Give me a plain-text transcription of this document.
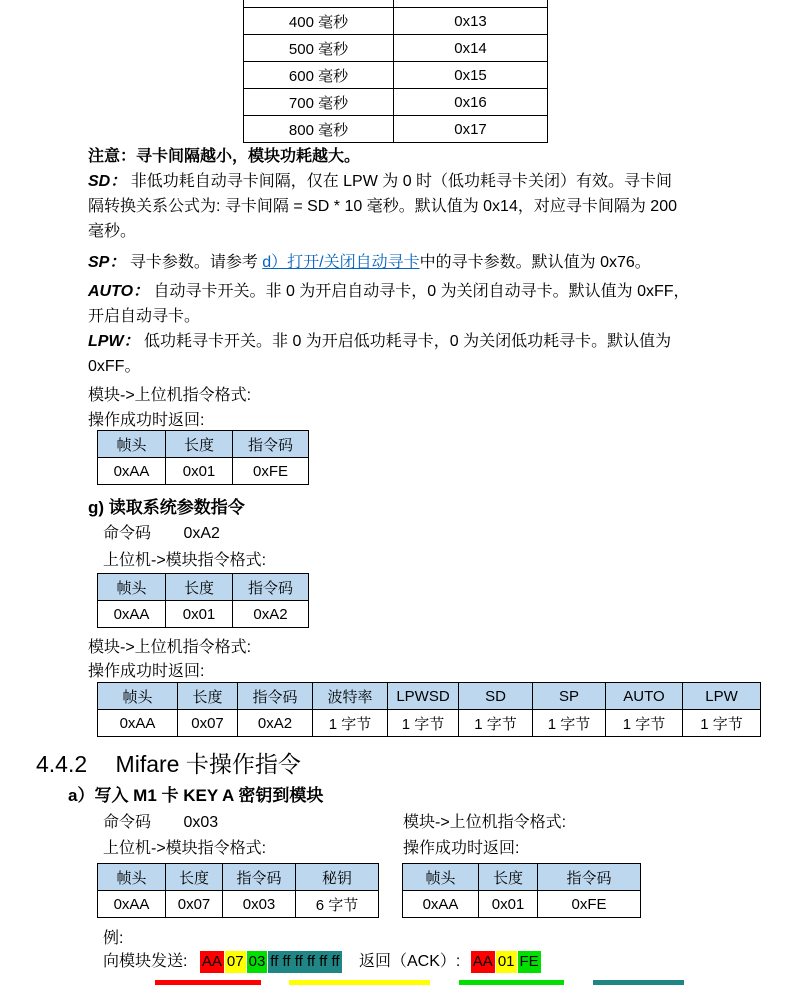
400 毫秒	0x13
500 毫秒	0x14
600 毫秒	0x15
700 毫秒	0x16
800 毫秒	0x17
注意：寻卡间隔越小，模块功耗越大。
SD： 非低功耗自动寻卡间隔，仅在 LPW 为 0 时（低功耗寻卡关闭）有效。寻卡间
隔转换关系公式为: 寻卡间隔 = SD * 10 毫秒。默认值为 0x14，对应寻卡间隔为 200
毫秒。
SP： 寻卡参数。请参考 d）打开/关闭自动寻卡中的寻卡参数。默认值为 0x76。
AUTO： 自动寻卡开关。非 0 为开启自动寻卡，0 为关闭自动寻卡。默认值为 0xFF，
开启自动寻卡。
LPW： 低功耗寻卡开关。非 0 为开启低功耗寻卡，0 为关闭低功耗寻卡。默认值为
0xFF。
模块->上位机指令格式:
操作成功时返回:
帧头	长度	指令码
0xAA	0x01	0xFE
g) 读取系统参数指令
命令码 0xA2
上位机->模块指令格式:
帧头	长度	指令码
0xAA	0x01	0xA2
模块->上位机指令格式:
操作成功时返回:
帧头	长度	指令码	波特率	LPWSD	SD	SP	AUTO	LPW
0xAA	0x07	0xA2	1 字节	1 字节	1 字节	1 字节	1 字节	1 字节
4.4.2 Mifare 卡操作指令
a）写入 M1 卡 KEY A 密钥到模块
命令码 0x03	模块->上位机指令格式:
上位机->模块指令格式:	操作成功时返回:
帧头	长度	指令码	秘钥
0xAA	0x07	0x03	6 字节
帧头	长度	指令码
0xAA	0x01	0xFE
例:
向模块发送: AA 07 03 ff ff ff ff ff ff 返回（ACK）: AA 01 FE
